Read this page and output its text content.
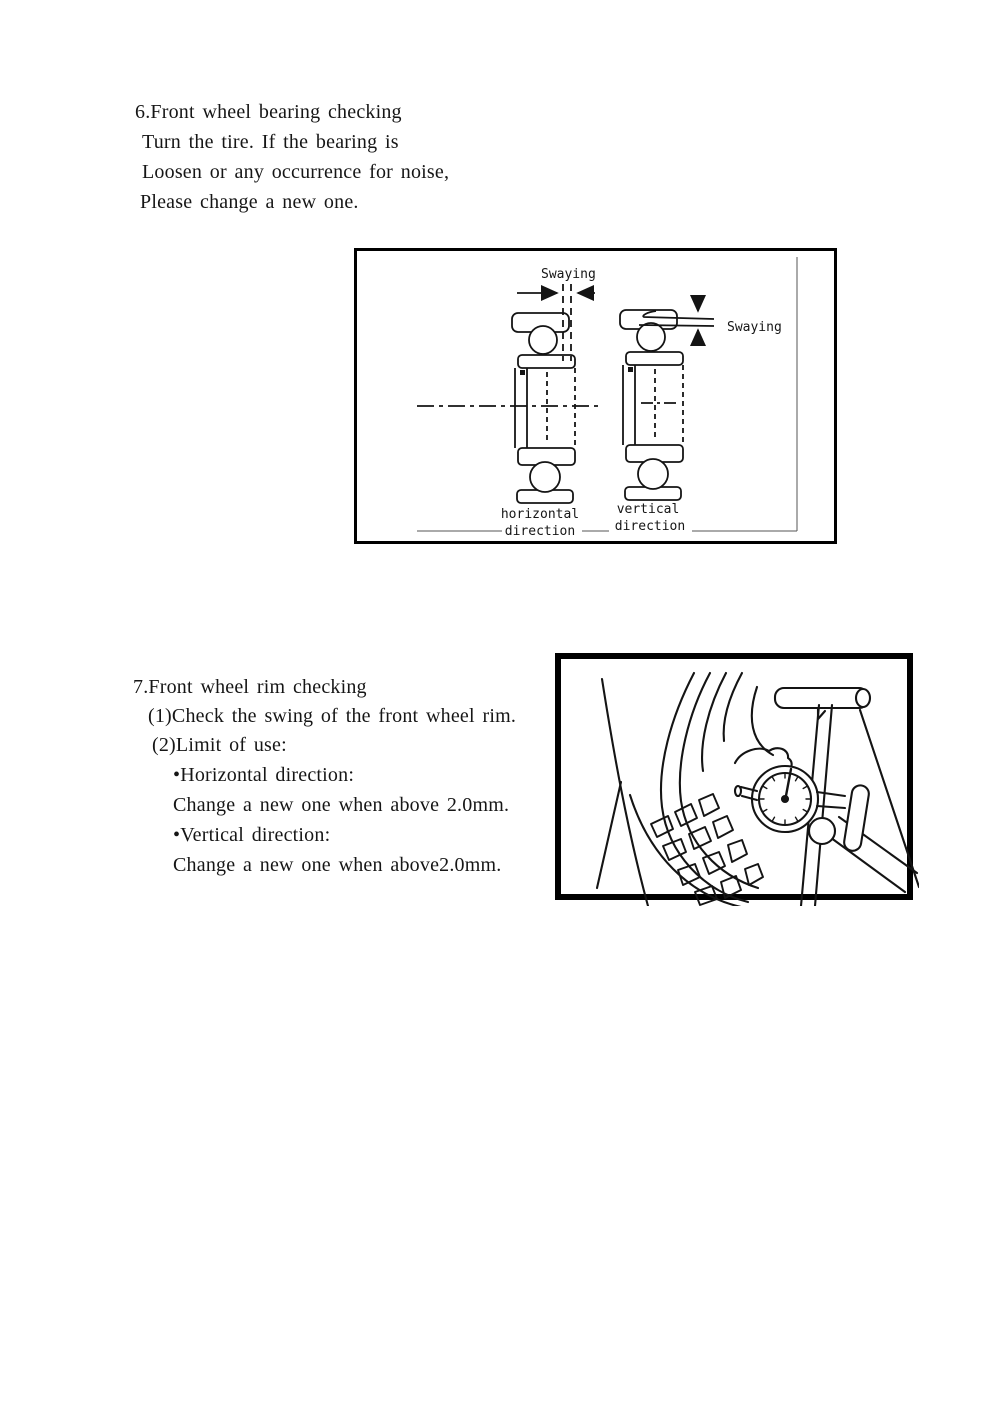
6.Front wheel bearing checking
Turn the tire. If the bearing is
Loosen or any occurrence for noise,
Please change a new one.
Swaying
Swaying
horizontal
direction
vertical
direction
7.Front wheel rim checking
(1)Check the swing of the front wheel rim.
(2)Limit of use:
•Horizontal direction:
Change a new one when above 2.0mm.
•Vertical direction:
Change a new one when above2.0mm.
